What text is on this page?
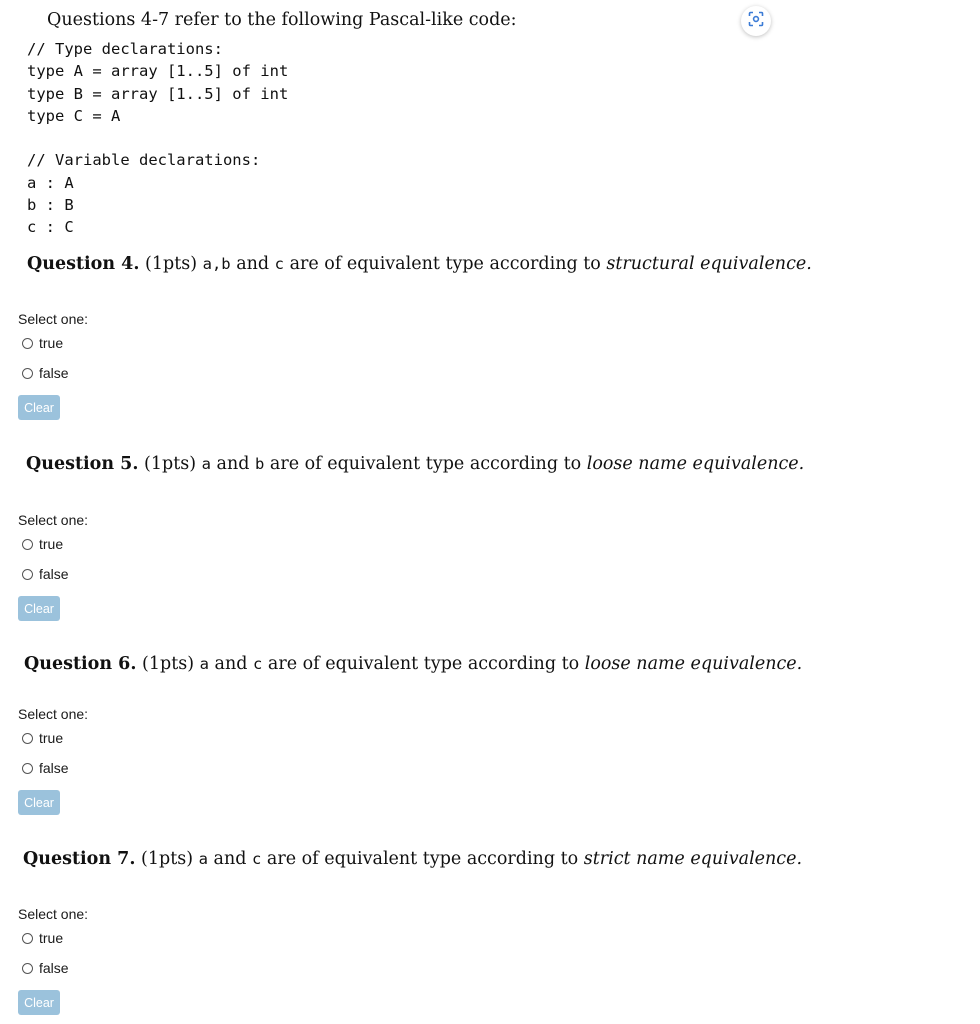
Questions 4-7 refer to the following Pascal-like code:
// Type declarations:
type A = array [1..5] of int
type B = array [1..5] of int
type C = A
// Variable declarations:
a : A
b : B
c : C
Question 4. (1pts) a,b and c are of equivalent type according to structural equivalence.
Select one:
true
false
Clear
Question 5. (1pts) a and b are of equivalent type according to loose name equivalence.
Select one:
true
false
Clear
Question 6. (1pts) a and c are of equivalent type according to loose name equivalence.
Select one:
true
false
Clear
Question 7. (1pts) a and c are of equivalent type according to strict name equivalence.
Select one:
true
false
Clear
